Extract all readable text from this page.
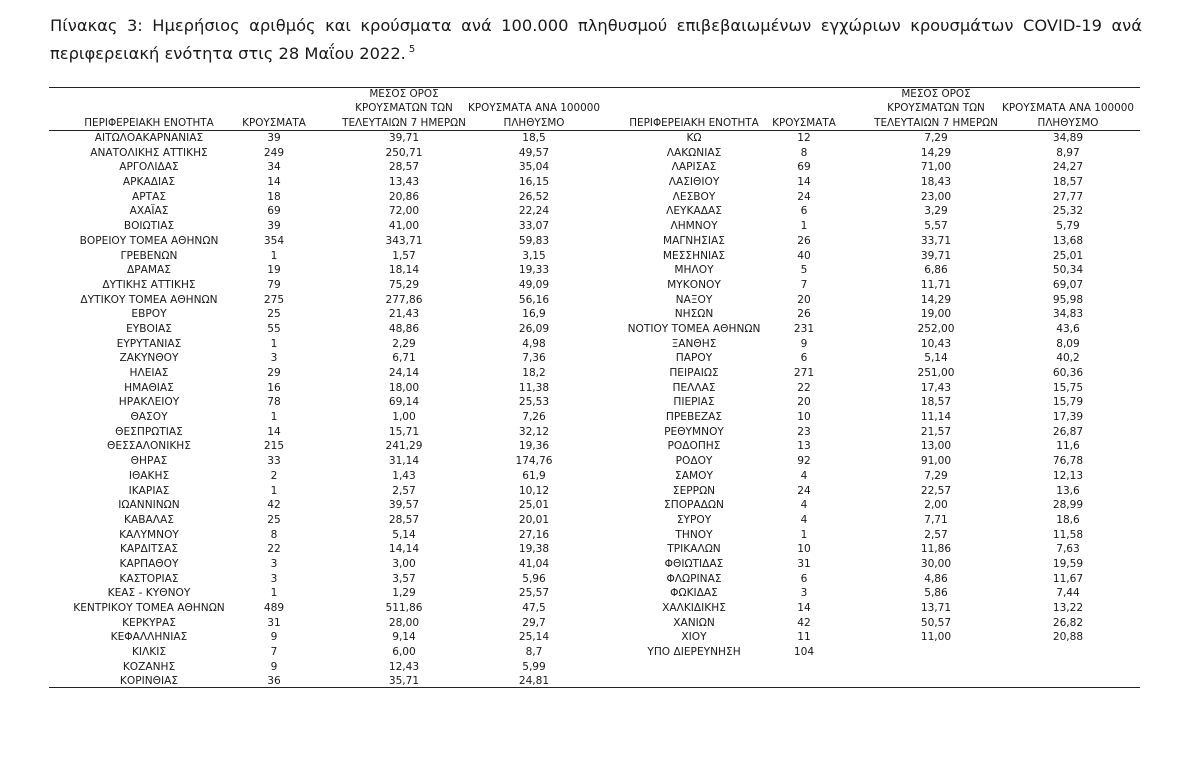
Πίνακας 3: Ημερήσιος αριθμός και κρούσματα ανά 100.000 πληθυσμού επιβεβαιωμένων εγχώριων κρουσμάτων COVID-19 ανά περιφερειακή ενότητα στις 28 Μαΐου 2022. $^5$
ΠΕΡΙΦΕΡΕΙΑΚΗ ΕΝΟΤΗΤΑ	ΚΡΟΥΣΜΑΤΑ
ΜΕΣΟΣ ΟΡΟΣ
ΚΡΟΥΣΜΑΤΩΝ ΤΩΝ
ΤΕΛΕΥΤΑΙΩΝ 7 ΗΜΕΡΩΝ
ΚΡΟΥΣΜΑΤΑ ΑΝΑ 100000
ΠΛΗΘΥΣΜΟ	ΠΕΡΙΦΕΡΕΙΑΚΗ ΕΝΟΤΗΤΑ	ΚΡΟΥΣΜΑΤΑ
ΜΕΣΟΣ ΟΡΟΣ
ΚΡΟΥΣΜΑΤΩΝ ΤΩΝ
ΤΕΛΕΥΤΑΙΩΝ 7 ΗΜΕΡΩΝ
ΚΡΟΥΣΜΑΤΑ ΑΝΑ 100000
ΠΛΗΘΥΣΜΟ
ΑΙΤΩΛΟΑΚΑΡΝΑΝΙΑΣ	39	39,71	18,5	ΚΩ	12	7,29	34,89
ΑΝΑΤΟΛΙΚΗΣ ΑΤΤΙΚΗΣ	249	250,71	49,57	ΛΑΚΩΝΙΑΣ	8	14,29	8,97
ΑΡΓΟΛΙΔΑΣ	34	28,57	35,04	ΛΑΡΙΣΑΣ	69	71,00	24,27
ΑΡΚΑΔΙΑΣ	14	13,43	16,15	ΛΑΣΙΘΙΟΥ	14	18,43	18,57
ΑΡΤΑΣ	18	20,86	26,52	ΛΕΣΒΟΥ	24	23,00	27,77
ΑΧΑΪΑΣ	69	72,00	22,24	ΛΕΥΚΑΔΑΣ	6	3,29	25,32
ΒΟΙΩΤΙΑΣ	39	41,00	33,07	ΛΗΜΝΟΥ	1	5,57	5,79
ΒΟΡΕΙΟΥ ΤΟΜΕΑ ΑΘΗΝΩΝ	354	343,71	59,83	ΜΑΓΝΗΣΙΑΣ	26	33,71	13,68
ΓΡΕΒΕΝΩΝ	1	1,57	3,15	ΜΕΣΣΗΝΙΑΣ	40	39,71	25,01
ΔΡΑΜΑΣ	19	18,14	19,33	ΜΗΛΟΥ	5	6,86	50,34
ΔΥΤΙΚΗΣ ΑΤΤΙΚΗΣ	79	75,29	49,09	ΜΥΚΟΝΟΥ	7	11,71	69,07
ΔΥΤΙΚΟΥ ΤΟΜΕΑ ΑΘΗΝΩΝ	275	277,86	56,16	ΝΑΞΟΥ	20	14,29	95,98
ΕΒΡΟΥ	25	21,43	16,9	ΝΗΣΩΝ	26	19,00	34,83
ΕΥΒΟΙΑΣ	55	48,86	26,09	ΝΟΤΙΟΥ ΤΟΜΕΑ ΑΘΗΝΩΝ	231	252,00	43,6
ΕΥΡΥΤΑΝΙΑΣ	1	2,29	4,98	ΞΑΝΘΗΣ	9	10,43	8,09
ΖΑΚΥΝΘΟΥ	3	6,71	7,36	ΠΑΡΟΥ	6	5,14	40,2
ΗΛΕΙΑΣ	29	24,14	18,2	ΠΕΙΡΑΙΩΣ	271	251,00	60,36
ΗΜΑΘΙΑΣ	16	18,00	11,38	ΠΕΛΛΑΣ	22	17,43	15,75
ΗΡΑΚΛΕΙΟΥ	78	69,14	25,53	ΠΙΕΡΙΑΣ	20	18,57	15,79
ΘΑΣΟΥ	1	1,00	7,26	ΠΡΕΒΕΖΑΣ	10	11,14	17,39
ΘΕΣΠΡΩΤΙΑΣ	14	15,71	32,12	ΡΕΘΥΜΝΟΥ	23	21,57	26,87
ΘΕΣΣΑΛΟΝΙΚΗΣ	215	241,29	19,36	ΡΟΔΟΠΗΣ	13	13,00	11,6
ΘΗΡΑΣ	33	31,14	174,76	ΡΟΔΟΥ	92	91,00	76,78
ΙΘΑΚΗΣ	2	1,43	61,9	ΣΑΜΟΥ	4	7,29	12,13
ΙΚΑΡΙΑΣ	1	2,57	10,12	ΣΕΡΡΩΝ	24	22,57	13,6
ΙΩΑΝΝΙΝΩΝ	42	39,57	25,01	ΣΠΟΡΑΔΩΝ	4	2,00	28,99
ΚΑΒΑΛΑΣ	25	28,57	20,01	ΣΥΡΟΥ	4	7,71	18,6
ΚΑΛΥΜΝΟΥ	8	5,14	27,16	ΤΗΝΟΥ	1	2,57	11,58
ΚΑΡΔΙΤΣΑΣ	22	14,14	19,38	ΤΡΙΚΑΛΩΝ	10	11,86	7,63
ΚΑΡΠΑΘΟΥ	3	3,00	41,04	ΦΘΙΩΤΙΔΑΣ	31	30,00	19,59
ΚΑΣΤΟΡΙΑΣ	3	3,57	5,96	ΦΛΩΡΙΝΑΣ	6	4,86	11,67
ΚΕΑΣ - ΚΥΘΝΟΥ	1	1,29	25,57	ΦΩΚΙΔΑΣ	3	5,86	7,44
ΚΕΝΤΡΙΚΟΥ ΤΟΜΕΑ ΑΘΗΝΩΝ	489	511,86	47,5	ΧΑΛΚΙΔΙΚΗΣ	14	13,71	13,22
ΚΕΡΚΥΡΑΣ	31	28,00	29,7	ΧΑΝΙΩΝ	42	50,57	26,82
ΚΕΦΑΛΛΗΝΙΑΣ	9	9,14	25,14	ΧΙΟΥ	11	11,00	20,88
ΚΙΛΚΙΣ	7	6,00	8,7	ΥΠΟ ΔΙΕΡΕΥΝΗΣΗ	104
ΚΟΖΑΝΗΣ	9	12,43	5,99
ΚΟΡΙΝΘΙΑΣ	36	35,71	24,81
